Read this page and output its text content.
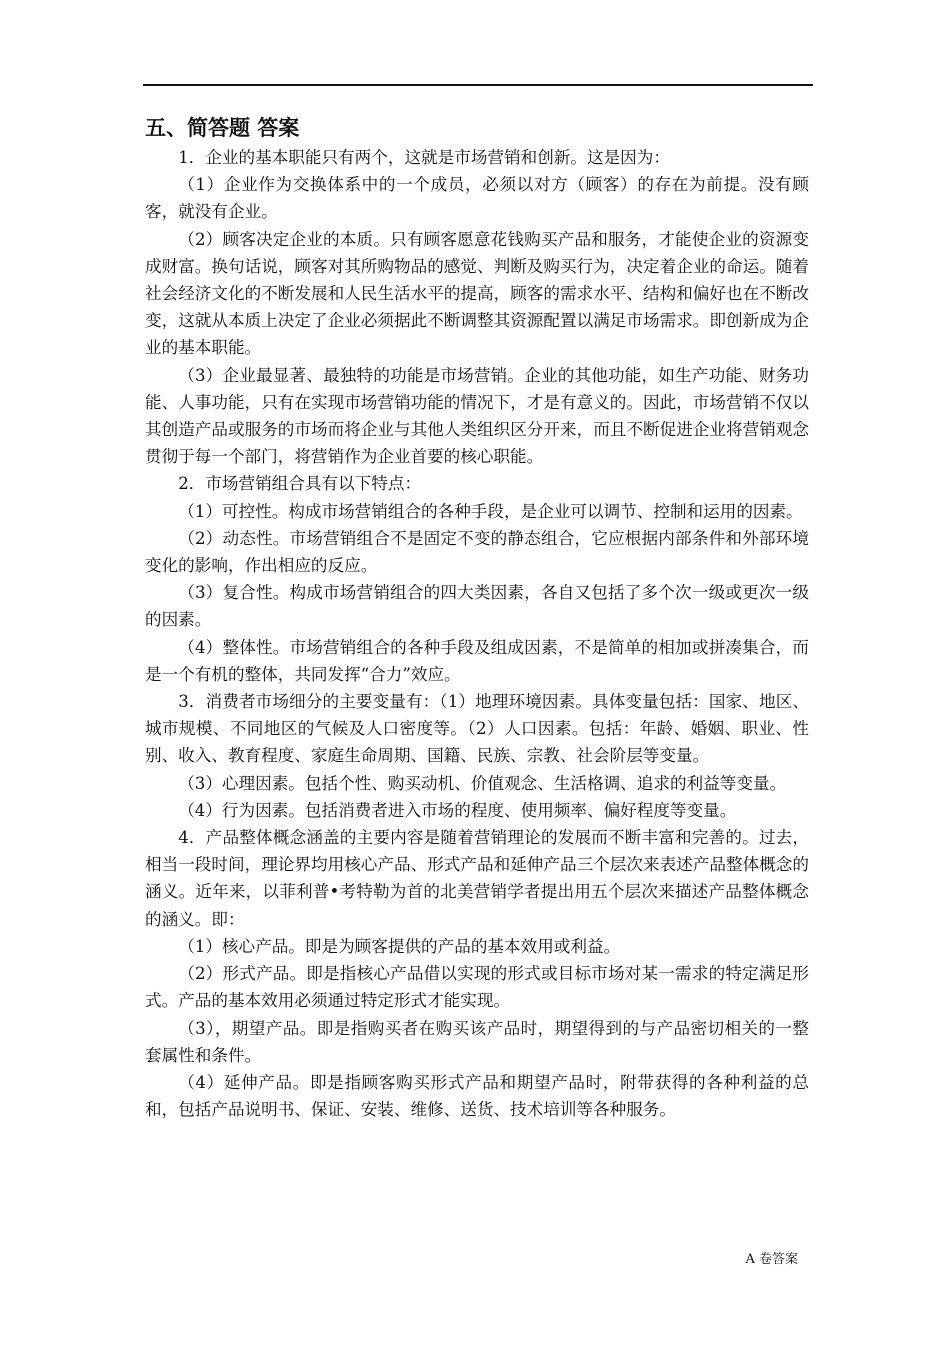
五、简答题 答案

1．企业的基本职能只有两个，这就是市场营销和创新。这是因为：

（1）企业作为交换体系中的一个成员，必须以对方（顾客）的存在为前提。没有顾客，就没有企业。

（2）顾客决定企业的本质。只有顾客愿意花钱购买产品和服务，才能使企业的资源变成财富。换句话说，顾客对其所购物品的感觉、判断及购买行为，决定着企业的命运。随着社会经济文化的不断发展和人民生活水平的提高，顾客的需求水平、结构和偏好也在不断改变，这就从本质上决定了企业必须据此不断调整其资源配置以满足市场需求。即创新成为企业的基本职能。

（3）企业最显著、最独特的功能是市场营销。企业的其他功能，如生产功能、财务功能、人事功能，只有在实现市场营销功能的情况下，才是有意义的。因此，市场营销不仅以其创造产品或服务的市场而将企业与其他人类组织区分开来，而且不断促进企业将营销观念贯彻于每一个部门，将营销作为企业首要的核心职能。

2．市场营销组合具有以下特点：

（1）可控性。构成市场营销组合的各种手段，是企业可以调节、控制和运用的因素。

（2）动态性。市场营销组合不是固定不变的静态组合，它应根据内部条件和外部环境变化的影响，作出相应的反应。

（3）复合性。构成市场营销组合的四大类因素，各自又包括了多个次一级或更次一级的因素。

（4）整体性。市场营销组合的各种手段及组成因素，不是简单的相加或拼凑集合，而是一个有机的整体，共同发挥“合力”效应。

3．消费者市场细分的主要变量有：（1）地理环境因素。具体变量包括：国家、地区、城市规模、不同地区的气候及人口密度等。（2）人口因素。包括：年龄、婚姻、职业、性别、收入、教育程度、家庭生命周期、国籍、民族、宗教、社会阶层等变量。

（3）心理因素。包括个性、购买动机、价值观念、生活格调、追求的利益等变量。

（4）行为因素。包括消费者进入市场的程度、使用频率、偏好程度等变量。

4．产品整体概念涵盖的主要内容是随着营销理论的发展而不断丰富和完善的。过去，相当一段时间，理论界均用核心产品、形式产品和延伸产品三个层次来表述产品整体概念的涵义。近年来，以菲利普•考特勒为首的北美营销学者提出用五个层次来描述产品整体概念的涵义。即：

（1）核心产品。即是为顾客提供的产品的基本效用或利益。

（2）形式产品。即是指核心产品借以实现的形式或目标市场对某一需求的特定满足形式。产品的基本效用必须通过特定形式才能实现。

（3），期望产品。即是指购买者在购买该产品时，期望得到的与产品密切相关的一整套属性和条件。

（4）延伸产品。即是指顾客购买形式产品和期望产品时，附带获得的各种利益的总和，包括产品说明书、保证、安装、维修、送货、技术培训等各种服务。

A 卷答案
